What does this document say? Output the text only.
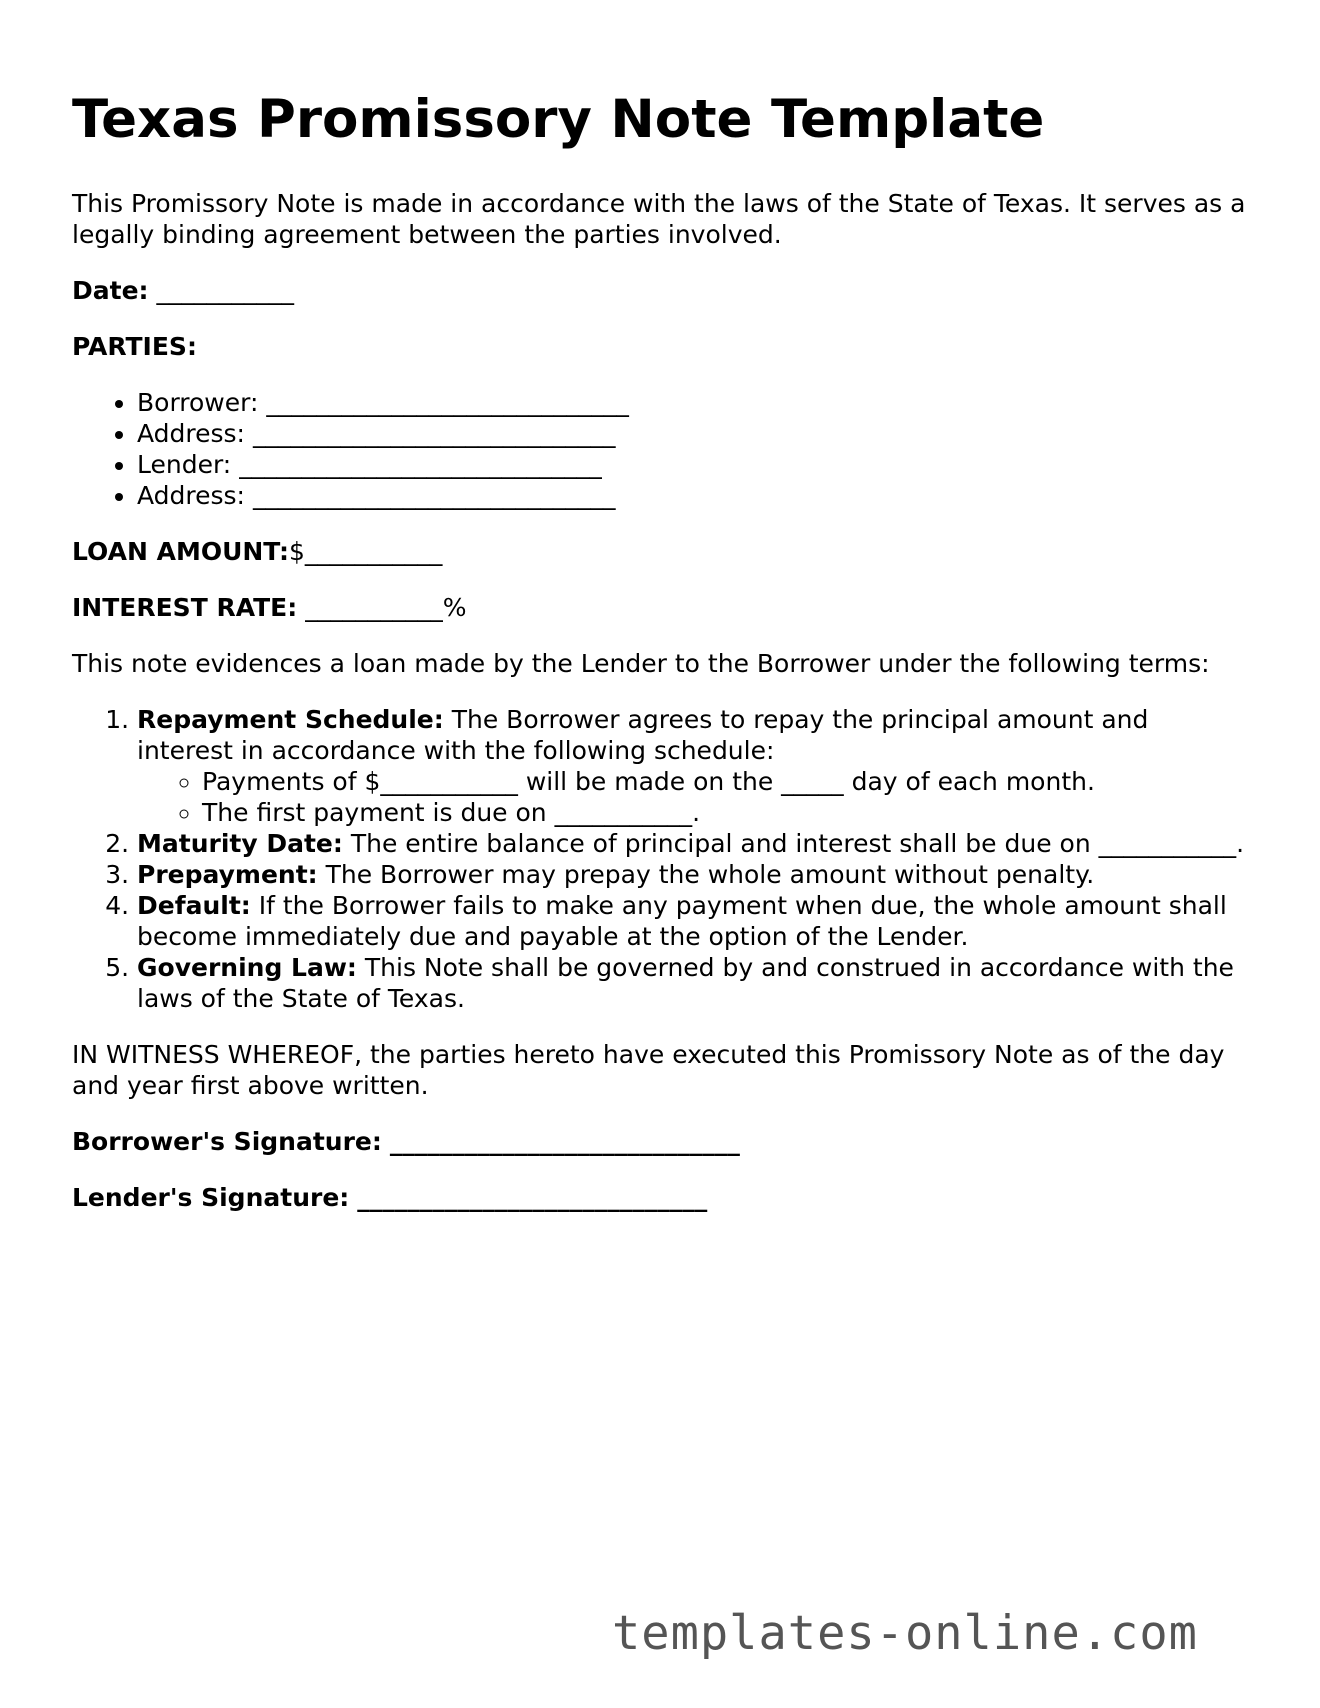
Texas Promissory Note Template

This Promissory Note is made in accordance with the laws of the State of Texas. It serves as a legally binding agreement between the parties involved.

Date: ___________

PARTIES:

• Borrower: _____________________________
• Address: _____________________________
• Lender: _____________________________
• Address: _____________________________

LOAN AMOUNT:$___________

INTEREST RATE: ___________%

This note evidences a loan made by the Lender to the Borrower under the following terms:

1. Repayment Schedule: The Borrower agrees to repay the principal amount and interest in accordance with the following schedule:
◦ Payments of $___________ will be made on the _____ day of each month.
◦ The first payment is due on ___________.
2. Maturity Date: The entire balance of principal and interest shall be due on ___________.
3. Prepayment: The Borrower may prepay the whole amount without penalty.
4. Default: If the Borrower fails to make any payment when due, the whole amount shall become immediately due and payable at the option of the Lender.
5. Governing Law: This Note shall be governed by and construed in accordance with the laws of the State of Texas.

IN WITNESS WHEREOF, the parties hereto have executed this Promissory Note as of the day and year first above written.

Borrower's Signature: ____________________________

Lender's Signature: ____________________________

templates-online.com
